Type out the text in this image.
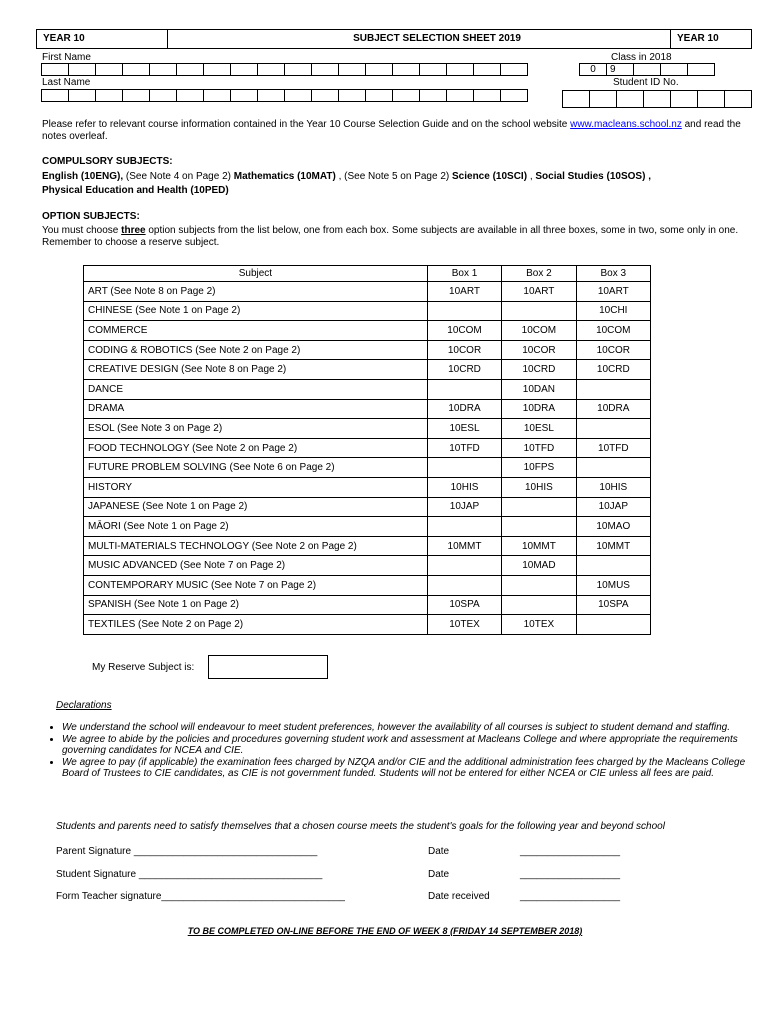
YEAR 10	SUBJECT SELECTION SHEET 2019	YEAR 10
First Name
Last Name
Class in 2018
0	9
Student ID No.

Please refer to relevant course information contained in the Year 10 Course Selection Guide and on the school website www.macleans.school.nz and read the notes overleaf.

COMPULSORY SUBJECTS:

English (10ENG), (See Note 4 on Page 2) Mathematics (10MAT) , (See Note 5 on Page 2) Science (10SCI) , Social Studies (10SOS) ,
Physical Education and Health (10PED)

OPTION SUBJECTS:

You must choose three option subjects from the list below, one from each box. Some subjects are available in all three boxes, some in two, some only in one. Remember to choose a reserve subject.

Subject	Box 1	Box 2	Box 3
ART (See Note 8 on Page 2)	10ART	10ART	10ART
CHINESE (See Note 1 on Page 2)			10CHI
COMMERCE	10COM	10COM	10COM
CODING & ROBOTICS (See Note 2 on Page 2)	10COR	10COR	10COR
CREATIVE DESIGN (See Note 8 on Page 2)	10CRD	10CRD	10CRD
DANCE		10DAN	
DRAMA	10DRA	10DRA	10DRA
ESOL (See Note 3 on Page 2)	10ESL	10ESL	
FOOD TECHNOLOGY (See Note 2 on Page 2)	10TFD	10TFD	10TFD
FUTURE PROBLEM SOLVING (See Note 6 on Page 2)		10FPS	
HISTORY	10HIS	10HIS	10HIS
JAPANESE (See Note 1 on Page 2)	10JAP		10JAP
MĀORI (See Note 1 on Page 2)			10MAO
MULTI-MATERIALS TECHNOLOGY (See Note 2 on Page 2)	10MMT	10MMT	10MMT
MUSIC ADVANCED (See Note 7 on Page 2)		10MAD	
CONTEMPORARY MUSIC (See Note 7 on Page 2)			10MUS
SPANISH (See Note 1 on Page 2)	10SPA		10SPA
TEXTILES (See Note 2 on Page 2)	10TEX	10TEX	
My Reserve Subject is:
Declarations
• We understand the school will endeavour to meet student preferences, however the availability of all courses is subject to student demand and staffing.
• We agree to abide by the policies and procedures governing student work and assessment at Macleans College and where appropriate the requirements governing candidates for NCEA and CIE.
• We agree to pay (if applicable) the examination fees charged by NZQA and/or CIE and the additional administration fees charged by the Macleans College Board of Trustees to CIE candidates, as CIE is not government funded. Students will not be entered for either NCEA or CIE unless all fees are paid.
Students and parents need to satisfy themselves that a chosen course meets the student's goals for the following year and beyond school
Parent Signature _________________________________	Date	__________________
Student Signature _________________________________	Date	__________________
Form Teacher signature_________________________________	Date received	__________________
TO BE COMPLETED ON-LINE BEFORE THE END OF WEEK 8 (FRIDAY 14 SEPTEMBER 2018)
